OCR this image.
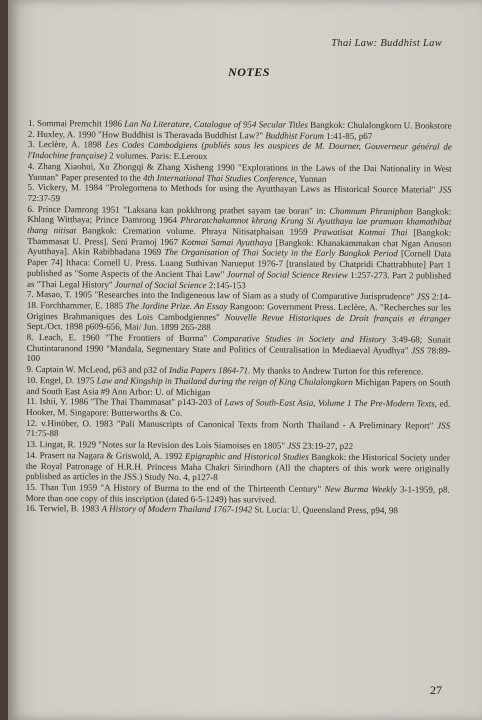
Thai Law: Buddhist Law
NOTES

1. Sommai Premchit 1986 Lan Na Literature, Catalogue of 954 Secular Titles Bangkok: Chulalongkorn U. Bookstore

2. Huxley, A. 1990 "How Buddhist is Theravada Buddhist Law?" Buddhist Forum 1:41-85, p67

3. Leclère, A. 1898 Les Codes Cambodgiens (publiés sous les auspices de M. Dourner, Gouverneur général de l'Indochine française) 2 volumes. Paris: E.Leroux

4. Zhang Xiaohui, Xu Zhongqi & Zhang Xisheng 1990 "Explorations in the Laws of the Dai Nationality in West Yunnan" Paper presented to the 4th International Thai Studies Conference, Yunnan

5. Vickery, M. 1984 "Prolegomena to Methods for using the Ayutthayan Laws as Historical Source Material" JSS 72:37-59

6. Prince Damrong 1951 "Laksana kan pokkhrong prathet sayam tae boran" in: Chumnum Phraniphon Bangkok: Khlang Witthaya; Prince Damrong 1964 Phraratchakamnot khrang Krung Si Ayutthaya lae pramuan khamathibat thang nitisat Bangkok: Cremation volume. Phraya Nitisatphaisan 1959 Prawatisat Kotmai Thai [Bangkok: Thammasat U. Press]. Seni Pramoj 1967 Kotmai Samai Ayutthaya [Bangkok: Khanakammakan chat Ngan Anuson Ayutthaya]. Akin Rabibhadana 1969 The Organisation of Thai Society in the Early Bangkok Period [Cornell Data Paper 74] Ithaca: Cornell U. Press. Luang Suthivan Narueput 1976-7 [translated by Chatpridi Chattrabhute] Part 1 published as "Some Aspects of the Ancient Thai Law" Journal of Social Science Review 1:257-273. Part 2 published as "Thai Legal History" Journal of Social Science 2:145-153

7. Masao, T. 1905 "Researches into the Indigeneous law of Siam as a study of Comparative Jurisprudence" JSS 2:14-18. Forchhammer, E. 1885 The Jardine Prize. An Essay Rangoon: Government Press. Leclère, A. "Recherches sur les Origines Brahmaniques des Lois Cambodgiennes" Nouvelle Revue Historiques de Droit français et étranger Sept./Oct. 1898 p609-656, Mai/ Jun. 1899 265-288

8. Leach, E. 1960 "The Frontiers of Burma" Comparative Studies in Society and History 3:49-68; Sunait Chutintaranond 1990 "Mandala, Segmentary State and Politics of Centralisation in Mediaeval Ayudhya" JSS 78:89-100

9. Captain W. McLeod, p63 and p32 of India Papers 1864-71. My thanks to Andrew Turton for this reference.

10. Engel, D. 1975 Law and Kingship in Thailand during the reign of King Chulalongkorn Michigan Papers on South and South East Asia #9 Ann Arbor: U. of Michigan

11. Ishii, Y. 1986 "The Thai Thammasat" p143-203 of Laws of South-East Asia, Volume 1 The Pre-Modern Texts, ed. Hooker, M. Singapore: Butterworths & Co.

12. v.Hinüber, O. 1983 "Pali Manuscripts of Canonical Texts from North Thailand - A Preliminary Report" JSS 71:75-88

13. Lingat, R. 1929 "Notes sur la Revision des Lois Siamoises en 1805" JSS 23:19-27, p22

14. Prasert na Nagara & Griswold, A. 1992 Epigraphic and Historical Studies Bangkok: the Historical Society under the Royal Patronage of H.R.H. Princess Maha Chakri Sirindhorn (All the chapters of this work were originally published as articles in the JSS.) Study No. 4, p127-8

15. Than Tun 1959 "A History of Burma to the end of the Thirteenth Century" New Burma Weekly 3-1-1959, p8. More than one copy of this inscription (dated 6-5-1249) has survived.

16. Terwiel, B. 1983 A History of Modern Thailand 1767-1942 St. Lucia: U. Queensland Press, p94, 98

27
